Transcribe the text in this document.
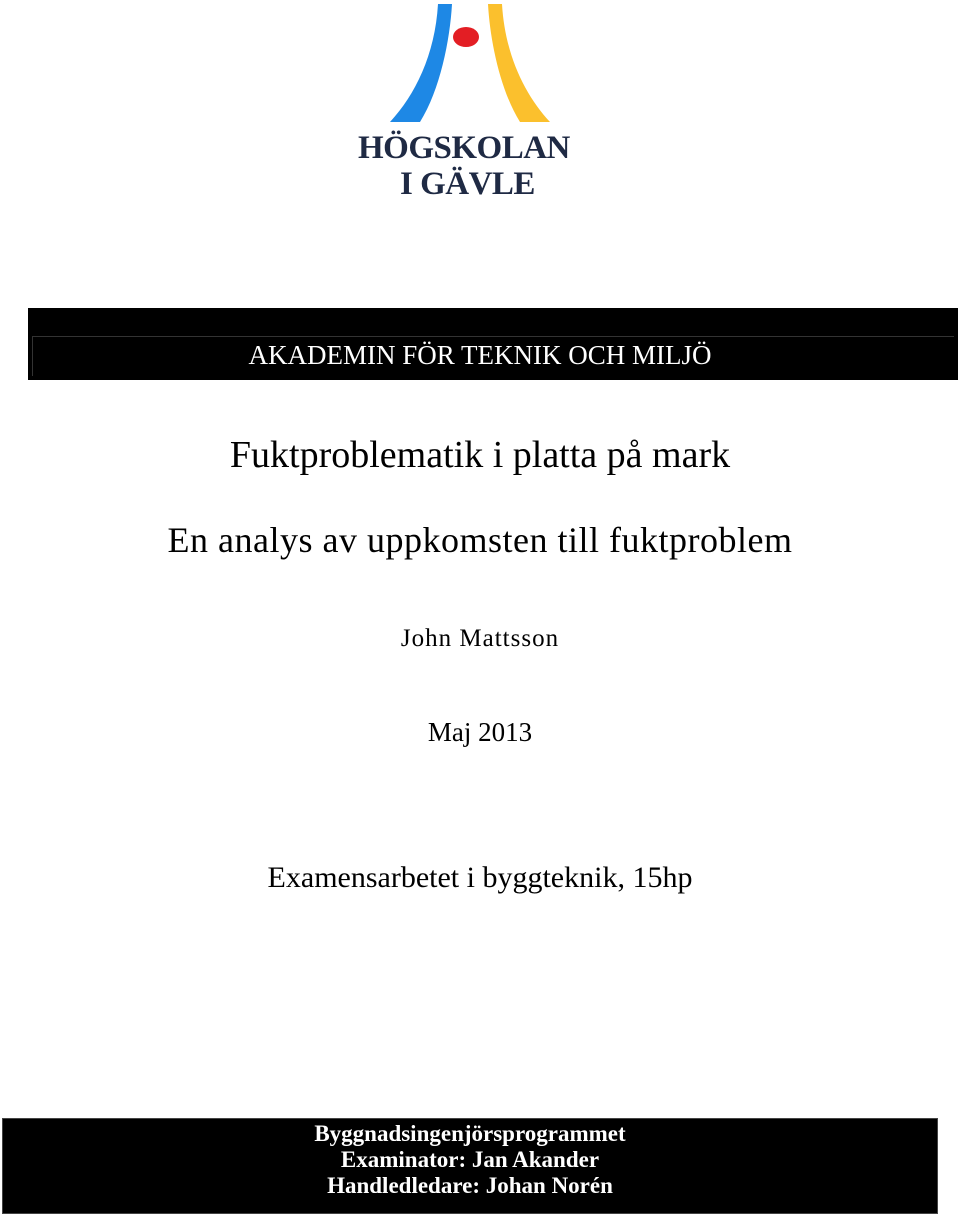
HÖGSKOLAN
I GÄVLE
AKADEMIN FÖR TEKNIK OCH MILJÖ
Fuktproblematik i platta på mark
En analys av uppkomsten till fuktproblem
John Mattsson
Maj 2013
Examensarbetet i byggteknik, 15hp
Byggnadsingenjörsprogrammet
Examinator: Jan Akander
Handledledare: Johan Norén
